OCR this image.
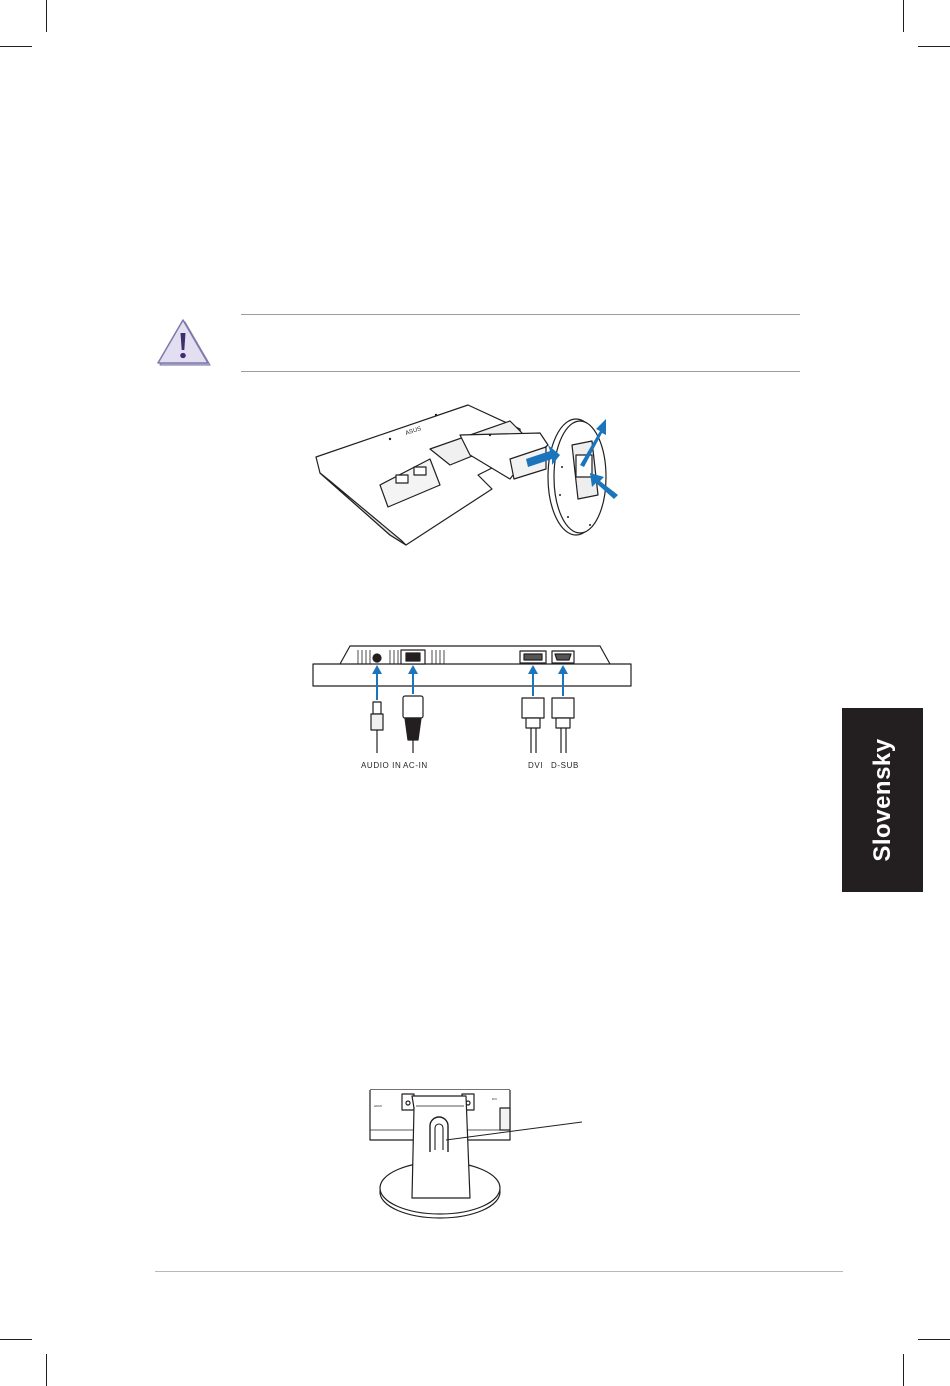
ASUS
AUDIO IN AC-IN	DVI D-SUB	Slovensky
HDMI
DVI
